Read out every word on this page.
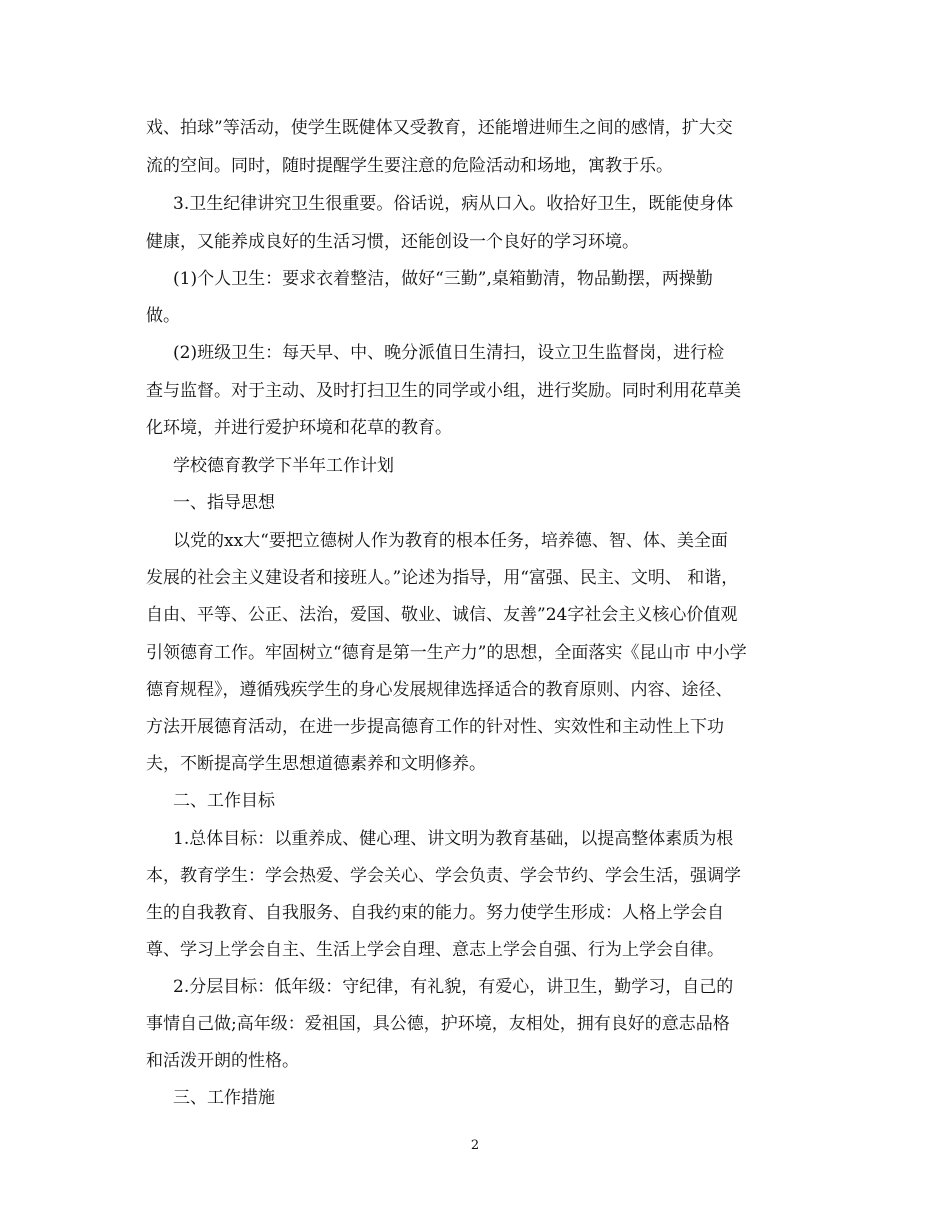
戏、拍球”等活动，使学生既健体又受教育，还能增进师生之间的感情，扩大交
流的空间。同时，随时提醒学生要注意的危险活动和场地，寓教于乐。
3.卫生纪律讲究卫生很重要。俗话说，病从口入。收拾好卫生，既能使身体
健康，又能养成良好的生活习惯，还能创设一个良好的学习环境。
(1)个人卫生：要求衣着整洁，做好“三勤”,桌箱勤清，物品勤摆，两操勤
做。
(2)班级卫生：每天早、中、晚分派值日生清扫，设立卫生监督岗，进行检
查与监督。对于主动、及时打扫卫生的同学或小组，进行奖励。同时利用花草美
化环境，并进行爱护环境和花草的教育。
学校德育教学下半年工作计划
一、指导思想
以党的xx大“要把立德树人作为教育的根本任务，培养德、智、体、美全面
发展的社会主义建设者和接班人。”论述为指导，用“富强、民主、文明、 和谐，
自由、平等、公正、法治，爱国、敬业、诚信、友善”24字社会主义核心价值观
引领德育工作。牢固树立“德育是第一生产力”的思想，全面落实《昆山市 中小学
德育规程》，遵循残疾学生的身心发展规律选择适合的教育原则、内容、途径、
方法开展德育活动，在进一步提高德育工作的针对性、实效性和主动性上下功
夫，不断提高学生思想道德素养和文明修养。
二、工作目标
1.总体目标：以重养成、健心理、讲文明为教育基础，以提高整体素质为根
本，教育学生：学会热爱、学会关心、学会负责、学会节约、学会生活，强调学
生的自我教育、自我服务、自我约束的能力。努力使学生形成：人格上学会自
尊、学习上学会自主、生活上学会自理、意志上学会自强、行为上学会自律。
2.分层目标：低年级：守纪律，有礼貌，有爱心，讲卫生，勤学习，自己的
事情自己做;高年级：爱祖国，具公德，护环境，友相处，拥有良好的意志品格
和活泼开朗的性格。
三、工作措施
2
